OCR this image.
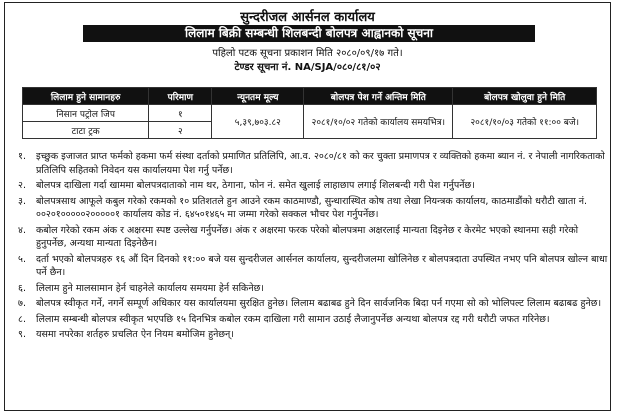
सुन्दरीजल आर्सनल कार्यालय
लिलाम बिक्री सम्बन्धी शिलबन्दी बोलपत्र आह्वानको सूचना
पहिलो पटक सूचना प्रकाशन मिति २०८०/०९/१७ गते।
टेण्डर सूचना नं. NA/SJA/०८०/८१/०२
लिलाम हुने सामानहरु	परिमाण	न्यूनतम मूल्य	बोलपत्र पेश गर्ने अन्तिम मिति	बोलपत्र खोलुवा हुने मिति
निसान पट्रोल जिप	१	५,३९,७०३.८२	२०८१/१०/०२ गतेको कार्यालय समयभित्र।	२०८१/१०/०३ गतेको ११:०० बजे।
टाटा ट्रक	२			
१.	इच्छुक इजाजत प्राप्त फर्मको हकमा फर्म संस्था दर्ताको प्रमाणित प्रतिलिपि, आ.व. २०८०/८१ को कर चुक्ता प्रमाणपत्र र व्यक्तिको हकमा ब्यान नं. र नेपाली नागरिकताको प्रतिलिपि सहितको निवेदन यस कार्यालयमा पेश गर्नु पर्नेछ।
२.	बोलपत्र दाखिला गर्दा खाममा बोलपत्रदाताको नाम थर, ठेगाना, फोन नं. समेत खुलाई लाहाछाप लगाई शिलबन्दी गरी पेश गर्नुपर्नेछ।
३.	बोलपत्रसाथ आफूले कबुल गरेको रकमको १० प्रतिशतले हुन आउने रकम काठमाण्डौ, सुन्धारास्थित कोष तथा लेखा नियन्त्रक कार्यालय, काठमाडौंको धरौटी खाता नं. ००२०१०००००२०००००१ कार्यालय कोड नं. ६४५०१४६५ मा जम्मा गरेको सक्कल भौचर पेश गर्नुपर्नेछ।
४.	कबोल गरेको रकम अंक र अक्षरमा स्पष्ट उल्लेख गर्नुपर्नेछ। अंक र अक्षरमा फरक परेको बोलपत्रमा अक्षरलाई मान्यता दिइनेछ र केरमेट भएको स्थानमा सही गरेको हुनुपर्नेछ, अन्यथा मान्यता दिइनेछैन।
५.	दर्ता भएको बोलपत्रहरु १६ औं दिन दिनको ११:०० बजे यस सुन्दरीजल आर्सनल कार्यालय, सुन्दरीजलमा खोलिनेछ र बोलपत्रदाता उपस्थित नभए पनि बोलपत्र खोल्न बाधा पर्ने छैन।
६.	लिलाम हुने मालसामान हेर्न चाहनेले कार्यालय समयमा हेर्न सकिनेछ।
७.	बोलपत्र स्वीकृत गर्ने, नगर्ने सम्पूर्ण अधिकार यस कार्यालयमा सुरक्षित हुनेछ। लिलाम बढाबढ हुने दिन सार्वजनिक बिदा पर्न गएमा सो को भोलिपल्ट लिलाम बढाबढ हुनेछ।
८.	लिलाम सम्बन्धी बोलपत्र स्वीकृत भएपछि १५ दिनभित्र कबोल रकम दाखिला गरी सामान उठाई लैजानुपर्नेछ अन्यथा बोलपत्र रद्द गरी धरौटी जफत गरिनेछ।
९.	यसमा नपरेका शर्तहरु प्रचलित ऐन नियम बमोजिम हुनेछन्।
